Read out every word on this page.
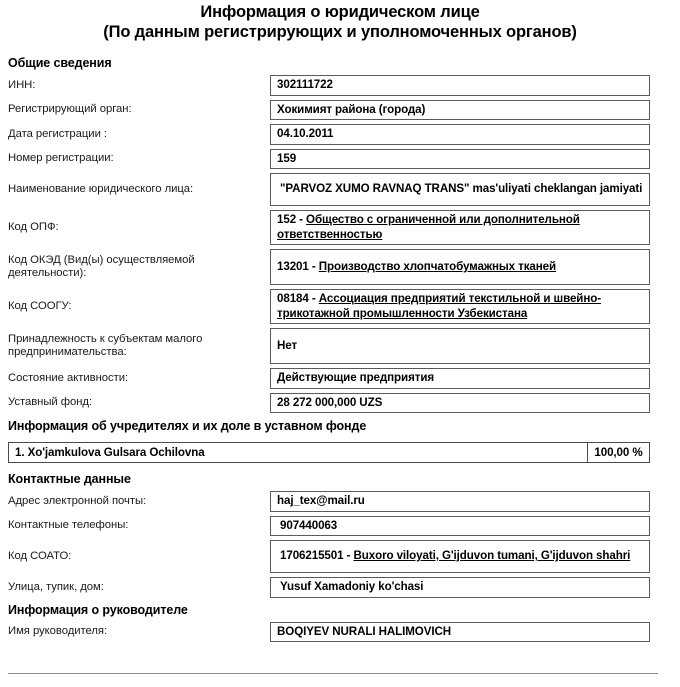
Информация о юридическом лице
(По данным регистрирующих и уполномоченных органов)
Общие сведения
ИНН:	302111722
Регистрирующий орган:	Хокимият района (города)
Дата регистрации :	04.10.2011
Номер регистрации:	159
Наименование юридического лица:	"PARVOZ XUMO RAVNAQ TRANS" mas'uliyati cheklangan jamiyati
Код ОПФ:
152 - Общество с ограниченной или дополнительной ответственностью
Код ОКЭД (Вид(ы) осуществляемой деятельности):
13201 - Производство хлопчатобумажных тканей
Код СООГУ:
08184 - Ассоциация предприятий текстильной и швейно-трикотажной промышленности Узбекистана
Принадлежность к субъектам малого предпринимательства:
Нет
Состояние активности:	Действующие предприятия
Уставный фонд:	28 272 000,000 UZS
Информация об учредителях и их доле в уставном фонде
1. Xo'jamkulova Gulsara Ochilovna	100,00 %
Контактные данные
Адрес электронной почты:	haj_tex@mail.ru
Контактные телефоны:	907440063
Код СОАТО:	1706215501 - Buxoro viloyati, G'ijduvon tumani, G'ijduvon shahri
Улица, тупик, дом:	Yusuf Xamadoniy ko'chasi
Информация о руководителе
Имя руководителя:	BOQIYEV NURALI HALIMOVICH
